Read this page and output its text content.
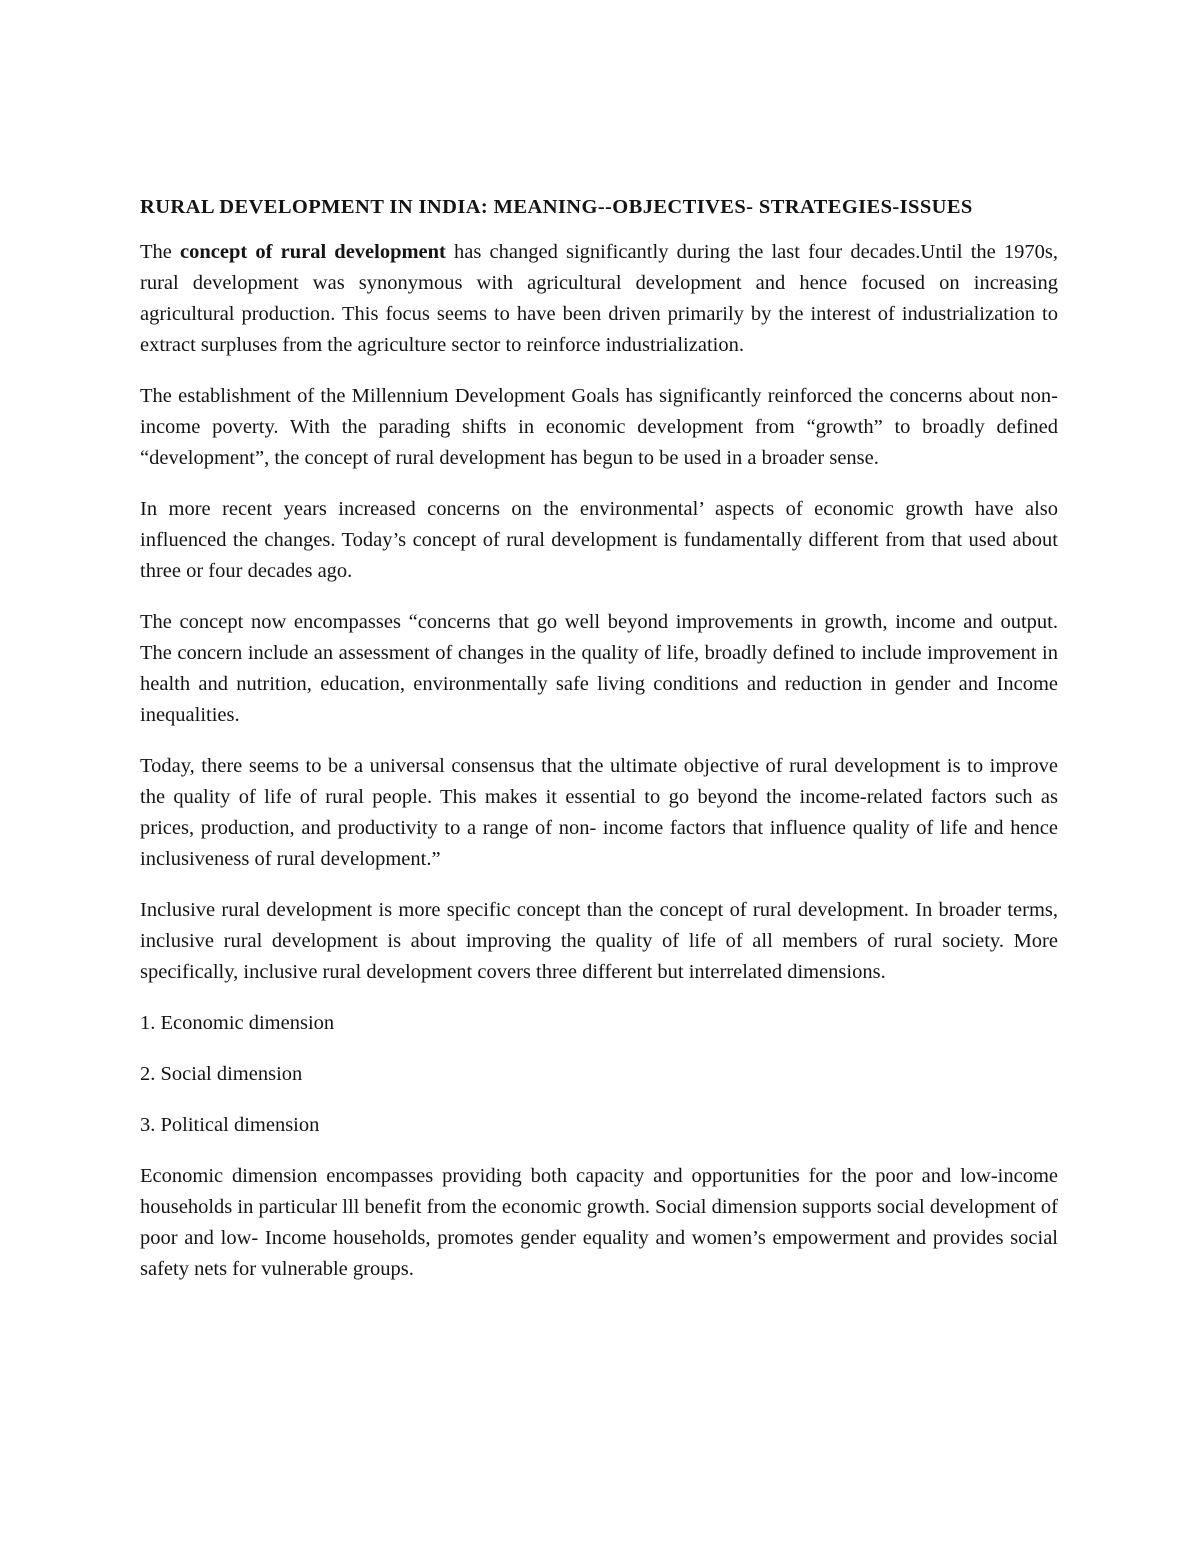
RURAL DEVELOPMENT IN INDIA: MEANING--OBJECTIVES- STRATEGIES-ISSUES

The concept of rural development has changed significantly during the last four decades.Until the 1970s, rural development was synonymous with agricultural development and hence focused on increasing agricultural production. This focus seems to have been driven primarily by the interest of industrialization to extract surpluses from the agriculture sector to reinforce industrialization.

The establishment of the Millennium Development Goals has significantly reinforced the concerns about non-income poverty. With the parading shifts in economic development from “growth” to broadly defined “development”, the concept of rural development has begun to be used in a broader sense.

In more recent years increased concerns on the environmental’ aspects of economic growth have also influenced the changes. Today’s concept of rural development is fundamentally different from that used about three or four decades ago.

The concept now encompasses “concerns that go well beyond improvements in growth, income and output. The concern include an assessment of changes in the quality of life, broadly defined to include improvement in health and nutrition, education, environmentally safe living conditions and reduction in gender and Income inequalities.

Today, there seems to be a universal consensus that the ultimate objective of rural development is to improve the quality of life of rural people. This makes it essential to go beyond the income-related factors such as prices, production, and productivity to a range of non- income factors that influence quality of life and hence inclusiveness of rural development.”

Inclusive rural development is more specific concept than the concept of rural development. In broader terms, inclusive rural development is about improving the quality of life of all members of rural society. More specifically, inclusive rural development covers three different but interrelated dimensions.

1. Economic dimension

2. Social dimension

3. Political dimension

Economic dimension encompasses providing both capacity and opportunities for the poor and low-income households in particular lll benefit from the economic growth. Social dimension supports social development of poor and low- Income households, promotes gender equality and women’s empowerment and provides social safety nets for vulnerable groups.
